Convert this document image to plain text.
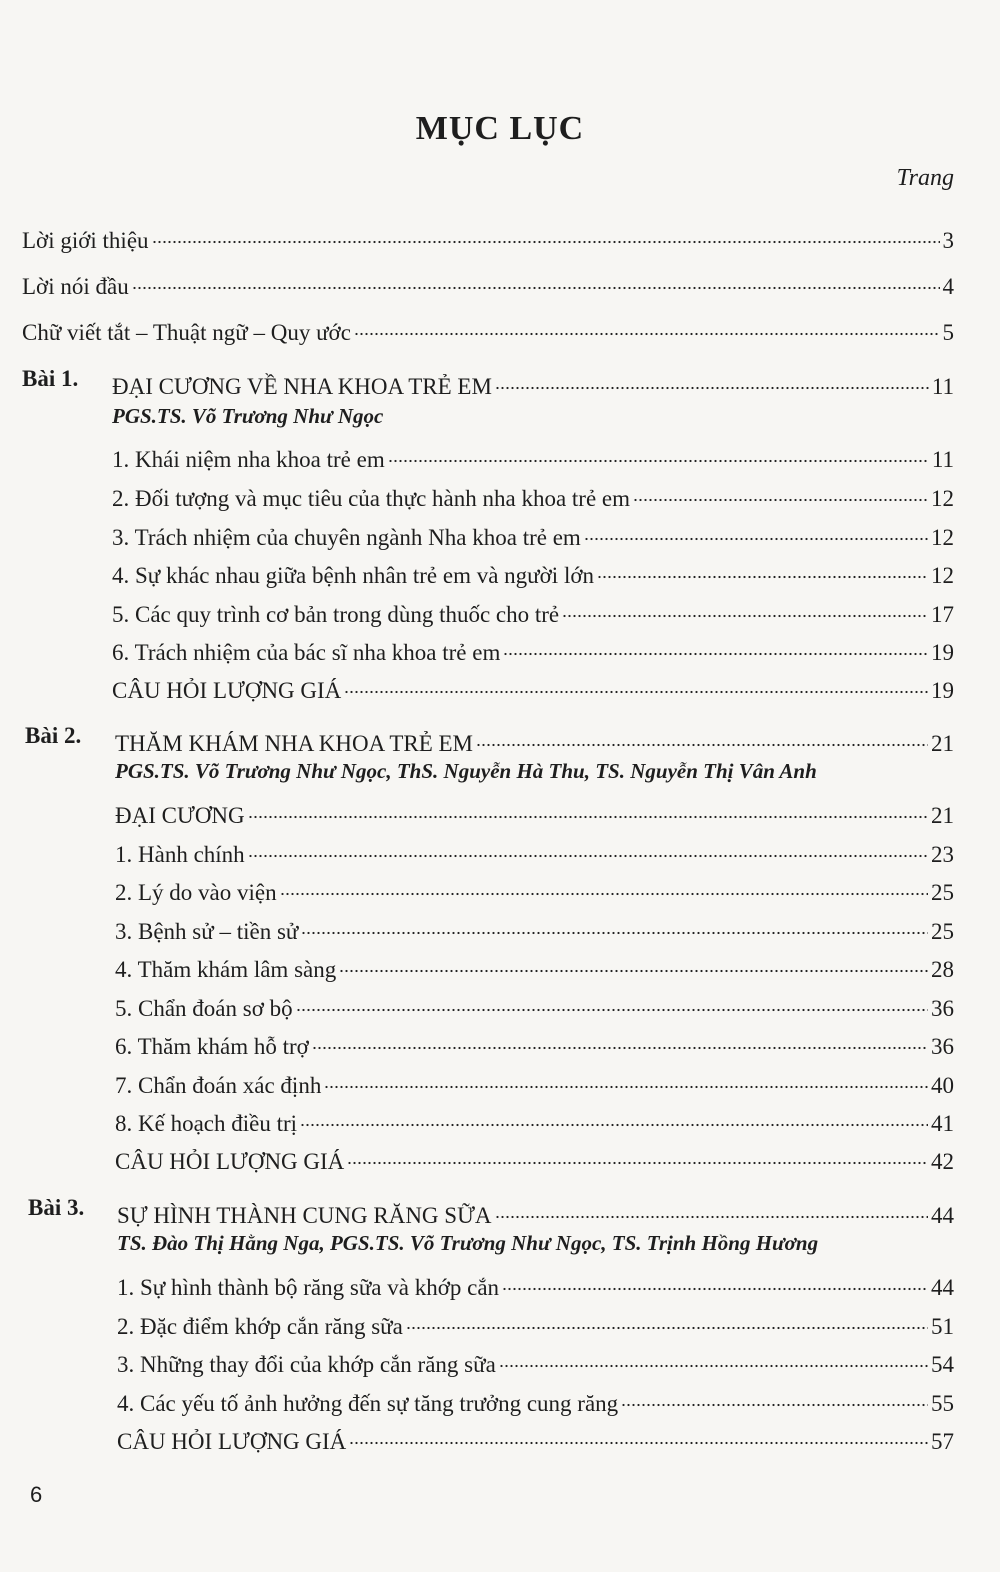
MỤC LỤC
Trang
Lời giới thiệu	3
Lời nói đầu	4
Chữ viết tắt – Thuật ngữ – Quy ước	5
Bài 1. ĐẠI CƯƠNG VỀ NHA KHOA TRẺ EM	11
PGS.TS. Võ Trương Như Ngọc
1. Khái niệm nha khoa trẻ em	11
2. Đối tượng và mục tiêu của thực hành nha khoa trẻ em	12
3. Trách nhiệm của chuyên ngành Nha khoa trẻ em	12
4. Sự khác nhau giữa bệnh nhân trẻ em và người lớn	12
5. Các quy trình cơ bản trong dùng thuốc cho trẻ	17
6. Trách nhiệm của bác sĩ nha khoa trẻ em	19
CÂU HỎI LƯỢNG GIÁ	19
Bài 2. THĂM KHÁM NHA KHOA TRẺ EM	21
PGS.TS. Võ Trương Như Ngọc, ThS. Nguyễn Hà Thu, TS. Nguyễn Thị Vân Anh
ĐẠI CƯƠNG	21
1. Hành chính	23
2. Lý do vào viện	25
3. Bệnh sử – tiền sử	25
4. Thăm khám lâm sàng	28
5. Chẩn đoán sơ bộ	36
6. Thăm khám hỗ trợ	36
7. Chẩn đoán xác định	40
8. Kế hoạch điều trị	41
CÂU HỎI LƯỢNG GIÁ	42
Bài 3. SỰ HÌNH THÀNH CUNG RĂNG SỮA	44
TS. Đào Thị Hằng Nga, PGS.TS. Võ Trương Như Ngọc, TS. Trịnh Hồng Hương
1. Sự hình thành bộ răng sữa và khớp cắn	44
2. Đặc điểm khớp cắn răng sữa	51
3. Những thay đổi của khớp cắn răng sữa	54
4. Các yếu tố ảnh hưởng đến sự tăng trưởng cung răng	55
CÂU HỎI LƯỢNG GIÁ	57
6
